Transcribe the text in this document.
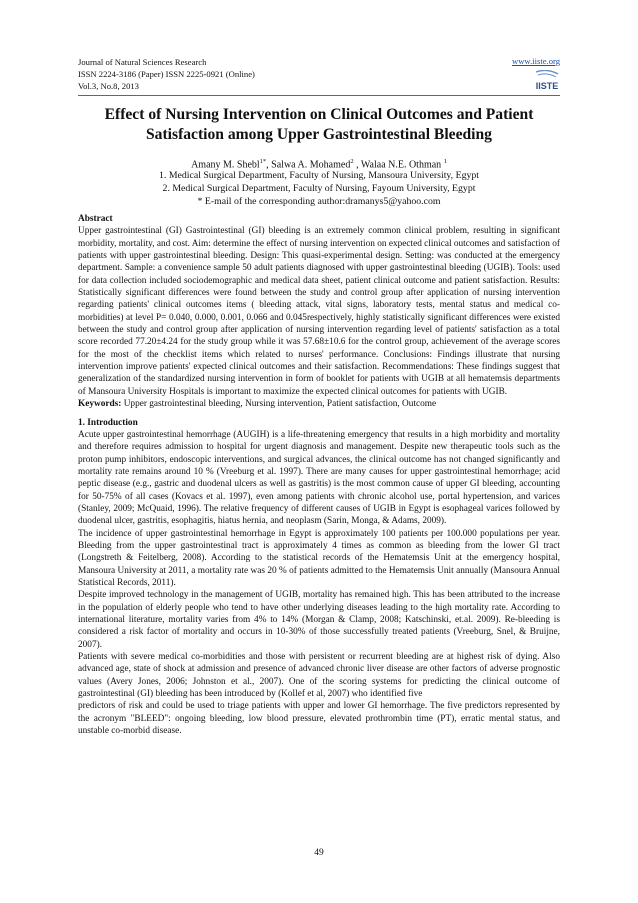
Journal of Natural Sciences Research
ISSN 2224-3186 (Paper) ISSN 2225-0921 (Online)
Vol.3, No.8, 2013
www.iiste.org
IISTE
Effect of Nursing Intervention on Clinical Outcomes and Patient
Satisfaction among Upper Gastrointestinal Bleeding
Amany M. Shebl$^{1*}$, Salwa A. Mohamed$^2$ , Walaa N.E. Othman $^1$
1. Medical Surgical Department, Faculty of Nursing, Mansoura University, Egypt
2. Medical Surgical Department, Faculty of Nursing, Fayoum University, Egypt
* E-mail of the corresponding author:dramanys5@yahoo.com

Abstract

Upper gastrointestinal (GI) Gastrointestinal (GI) bleeding is an extremely common clinical problem, resulting in significant morbidity, mortality, and cost. Aim: determine the effect of nursing intervention on expected clinical outcomes and satisfaction of patients with upper gastrointestinal bleeding. Design: This quasi-experimental design. Setting: was conducted at the emergency department. Sample: a convenience sample 50 adult patients diagnosed with upper gastrointestinal bleeding (UGIB). Tools: used for data collection included sociodemographic and medical data sheet, patient clinical outcome and patient satisfaction. Results: Statistically significant differences were found between the study and control group after application of nursing intervention regarding patients' clinical outcomes items ( bleeding attack, vital signs, laboratory tests, mental status and medical co-morbidities) at level P= 0.040, 0.000, 0.001, 0.066 and 0.045respectively, highly statistically significant differences were existed between the study and control group after application of nursing intervention regarding level of patients' satisfaction as a total score recorded 77.20±4.24 for the study group while it was 57.68±10.6 for the control group, achievement of the average scores for the most of the checklist items which related to nurses' performance. Conclusions: Findings illustrate that nursing intervention improve patients' expected clinical outcomes and their satisfaction. Recommendations: These findings suggest that generalization of the standardized nursing intervention in form of booklet for patients with UGIB at all hematemsis departments of Mansoura University Hospitals is important to maximize the expected clinical outcomes for patients with UGIB.

Keywords: Upper gastrointestinal bleeding, Nursing intervention, Patient satisfaction, Outcome

1. Introduction

Acute upper gastrointestinal hemorrhage (AUGIH) is a life-threatening emergency that results in a high morbidity and mortality and therefore requires admission to hospital for urgent diagnosis and management. Despite new therapeutic tools such as the proton pump inhibitors, endoscopic interventions, and surgical advances, the clinical outcome has not changed significantly and mortality rate remains around 10 % (Vreeburg et al. 1997). There are many causes for upper gastrointestinal hemorrhage; acid peptic disease (e.g., gastric and duodenal ulcers as well as gastritis) is the most common cause of upper GI bleeding, accounting for 50-75% of all cases (Kovacs et al. 1997), even among patients with chronic alcohol use, portal hypertension, and varices (Stanley, 2009; McQuaid, 1996). The relative frequency of different causes of UGIB in Egypt is esophageal varices followed by duodenal ulcer, gastritis, esophagitis, hiatus hernia, and neoplasm (Sarin, Monga, & Adams, 2009).

The incidence of upper gastrointestinal hemorrhage in Egypt is approximately 100 patients per 100.000 populations per year. Bleeding from the upper gastrointestinal tract is approximately 4 times as common as bleeding from the lower GI tract (Longstreth & Feitelberg, 2008). According to the statistical records of the Hematemsis Unit at the emergency hospital, Mansoura University at 2011, a mortality rate was 20 % of patients admitted to the Hematemsis Unit annually (Mansoura Annual Statistical Records, 2011).

Despite improved technology in the management of UGIB, mortality has remained high. This has been attributed to the increase in the population of elderly people who tend to have other underlying diseases leading to the high mortality rate. According to international literature, mortality varies from 4% to 14% (Morgan & Clamp, 2008; Katschinski, et.al. 2009). Re-bleeding is considered a risk factor of mortality and occurs in 10-30% of those successfully treated patients (Vreeburg, Snel, & Bruijne, 2007).

Patients with severe medical co-morbidities and those with persistent or recurrent bleeding are at highest risk of dying. Also advanced age, state of shock at admission and presence of advanced chronic liver disease are other factors of adverse prognostic values (Avery Jones, 2006; Johnston et al., 2007). One of the scoring systems for predicting the clinical outcome of gastrointestinal (GI) bleeding has been introduced by (Kollef et al, 2007) who identified five

predictors of risk and could be used to triage patients with upper and lower GI hemorrhage. The five predictors represented by the acronym "BLEED": ongoing bleeding, low blood pressure, elevated prothrombin time (PT), erratic mental status, and unstable co-morbid disease.

49
